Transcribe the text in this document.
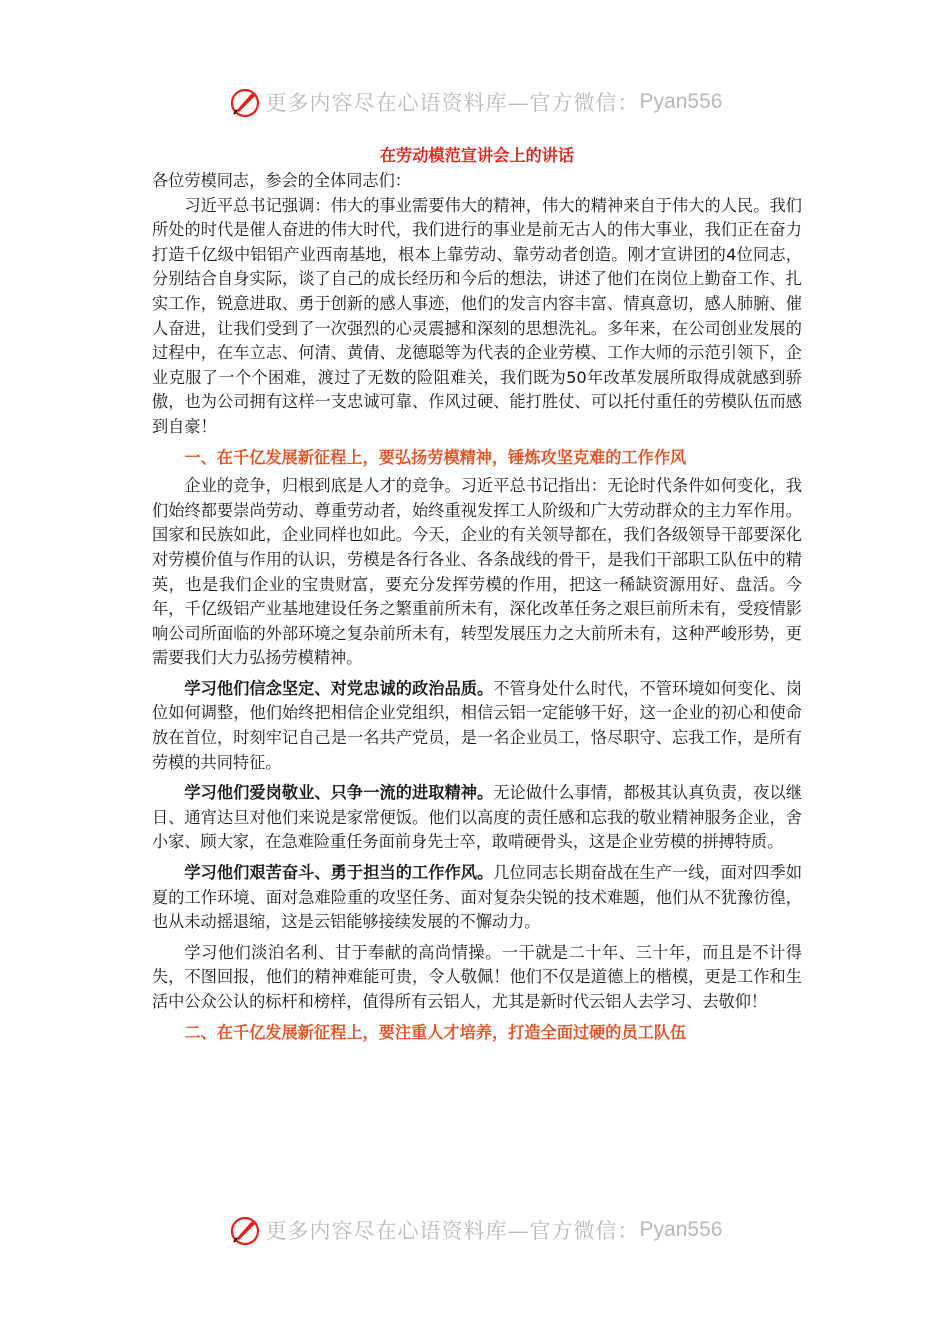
更多内容尽在心语资料库—官方微信： Pyan556
在劳动模范宣讲会上的讲话

各位劳模同志，参会的全体同志们：

习近平总书记强调：伟大的事业需要伟大的精神，伟大的精神来自于伟大的人民。我们所处的时代是催人奋进的伟大时代，我们进行的事业是前无古人的伟大事业，我们正在奋力打造千亿级中铝铝产业西南基地，根本上靠劳动、靠劳动者创造。刚才宣讲团的4位同志，分别结合自身实际，谈了自己的成长经历和今后的想法，讲述了他们在岗位上勤奋工作、扎实工作，锐意进取、勇于创新的感人事迹，他们的发言内容丰富、情真意切，感人肺腑、催人奋进，让我们受到了一次强烈的心灵震撼和深刻的思想洗礼。多年来，在公司创业发展的过程中，在车立志、何清、黄倩、龙德聪等为代表的企业劳模、工作大师的示范引领下，企业克服了一个个困难，渡过了无数的险阻难关，我们既为50年改革发展所取得成就感到骄傲，也为公司拥有这样一支忠诚可靠、作风过硬、能打胜仗、可以托付重任的劳模队伍而感到自豪！

一、在千亿发展新征程上，要弘扬劳模精神，锤炼攻坚克难的工作作风

企业的竞争，归根到底是人才的竞争。习近平总书记指出：无论时代条件如何变化，我们始终都要崇尚劳动、尊重劳动者，始终重视发挥工人阶级和广大劳动群众的主力军作用。国家和民族如此，企业同样也如此。今天，企业的有关领导都在，我们各级领导干部要深化对劳模价值与作用的认识，劳模是各行各业、各条战线的骨干，是我们干部职工队伍中的精英，也是我们企业的宝贵财富，要充分发挥劳模的作用，把这一稀缺资源用好、盘活。今年，千亿级铝产业基地建设任务之繁重前所未有，深化改革任务之艰巨前所未有，受疫情影响公司所面临的外部环境之复杂前所未有，转型发展压力之大前所未有，这种严峻形势，更需要我们大力弘扬劳模精神。

学习他们信念坚定、对党忠诚的政治品质。不管身处什么时代，不管环境如何变化、岗位如何调整，他们始终把相信企业党组织，相信云铝一定能够干好，这一企业的初心和使命放在首位，时刻牢记自己是一名共产党员，是一名企业员工，恪尽职守、忘我工作，是所有劳模的共同特征。

学习他们爱岗敬业、只争一流的进取精神。无论做什么事情，都极其认真负责，夜以继日、通宵达旦对他们来说是家常便饭。他们以高度的责任感和忘我的敬业精神服务企业，舍小家、顾大家，在急难险重任务面前身先士卒，敢啃硬骨头，这是企业劳模的拼搏特质。

学习他们艰苦奋斗、勇于担当的工作作风。几位同志长期奋战在生产一线，面对四季如夏的工作环境、面对急难险重的攻坚任务、面对复杂尖锐的技术难题，他们从不犹豫彷徨，也从未动摇退缩，这是云铝能够接续发展的不懈动力。

学习他们淡泊名利、甘于奉献的高尚情操。一干就是二十年、三十年，而且是不计得失，不图回报，他们的精神难能可贵，令人敬佩！他们不仅是道德上的楷模，更是工作和生活中公众公认的标杆和榜样，值得所有云铝人，尤其是新时代云铝人去学习、去敬仰！

二、在千亿发展新征程上，要注重人才培养，打造全面过硬的员工队伍

更多内容尽在心语资料库—官方微信： Pyan556
